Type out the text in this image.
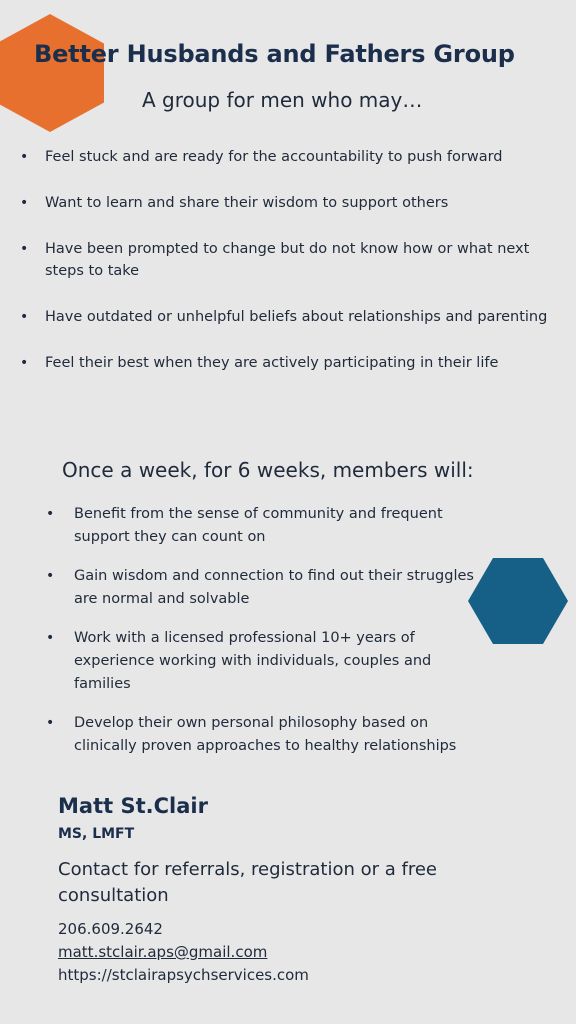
Better Husbands and Fathers Group
A group for men who may…
• Feel stuck and are ready for the accountability to push forward
• Want to learn and share their wisdom to support others
• Have been prompted to change but do not know how or what next steps to take
• Have outdated or unhelpful beliefs about relationships and parenting
• Feel their best when they are actively participating in their life
Once a week, for 6 weeks, members will:
• Benefit from the sense of community and frequent support they can count on
• Gain wisdom and connection to find out their struggles are normal and solvable
• Work with a licensed professional 10+ years of experience working with individuals, couples and families
• Develop their own personal philosophy based on clinically proven approaches to healthy relationships
Matt St.Clair
MS, LMFT
Contact for referrals, registration or a free consultation
206.609.2642
matt.stclair.aps@gmail.com
https://stclairapsychservices.com
